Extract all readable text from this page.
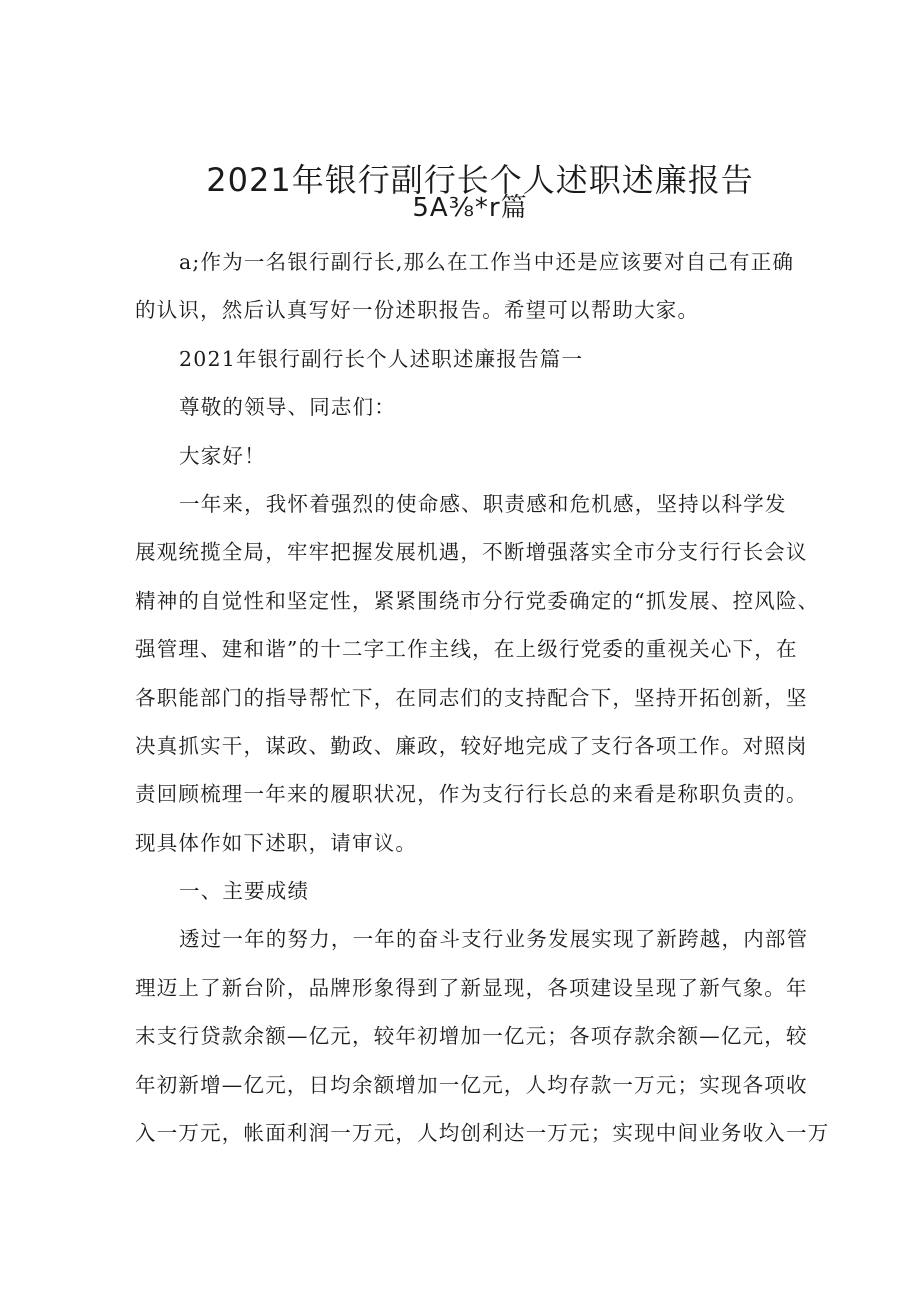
2021年银行副行长个人述职述廉报告
5A⅜*r篇
a;作为一名银行副行长,那么在工作当中还是应该要对自己有正确
的认识，然后认真写好一份述职报告。希望可以帮助大家。
2021年银行副行长个人述职述廉报告篇一
尊敬的领导、同志们：
大家好！
一年来，我怀着强烈的使命感、职责感和危机感，坚持以科学发
展观统揽全局，牢牢把握发展机遇，不断增强落实全市分支行行长会议
精神的自觉性和坚定性，紧紧围绕市分行党委确定的“抓发展、控风险、
强管理、建和谐”的十二字工作主线，在上级行党委的重视关心下，在
各职能部门的指导帮忙下，在同志们的支持配合下，坚持开拓创新，坚
决真抓实干，谋政、勤政、廉政，较好地完成了支行各项工作。对照岗
责回顾梳理一年来的履职状况，作为支行行长总的来看是称职负责的。
现具体作如下述职，请审议。
一、主要成绩
透过一年的努力，一年的奋斗支行业务发展实现了新跨越，内部管
理迈上了新台阶，品牌形象得到了新显现，各项建设呈现了新气象。年
末支行贷款余额—亿元，较年初增加一亿元；各项存款余额—亿元，较
年初新增—亿元，日均余额增加一亿元，人均存款一万元；实现各项收
入一万元，帐面利润一万元，人均创利达一万元；实现中间业务收入一万
